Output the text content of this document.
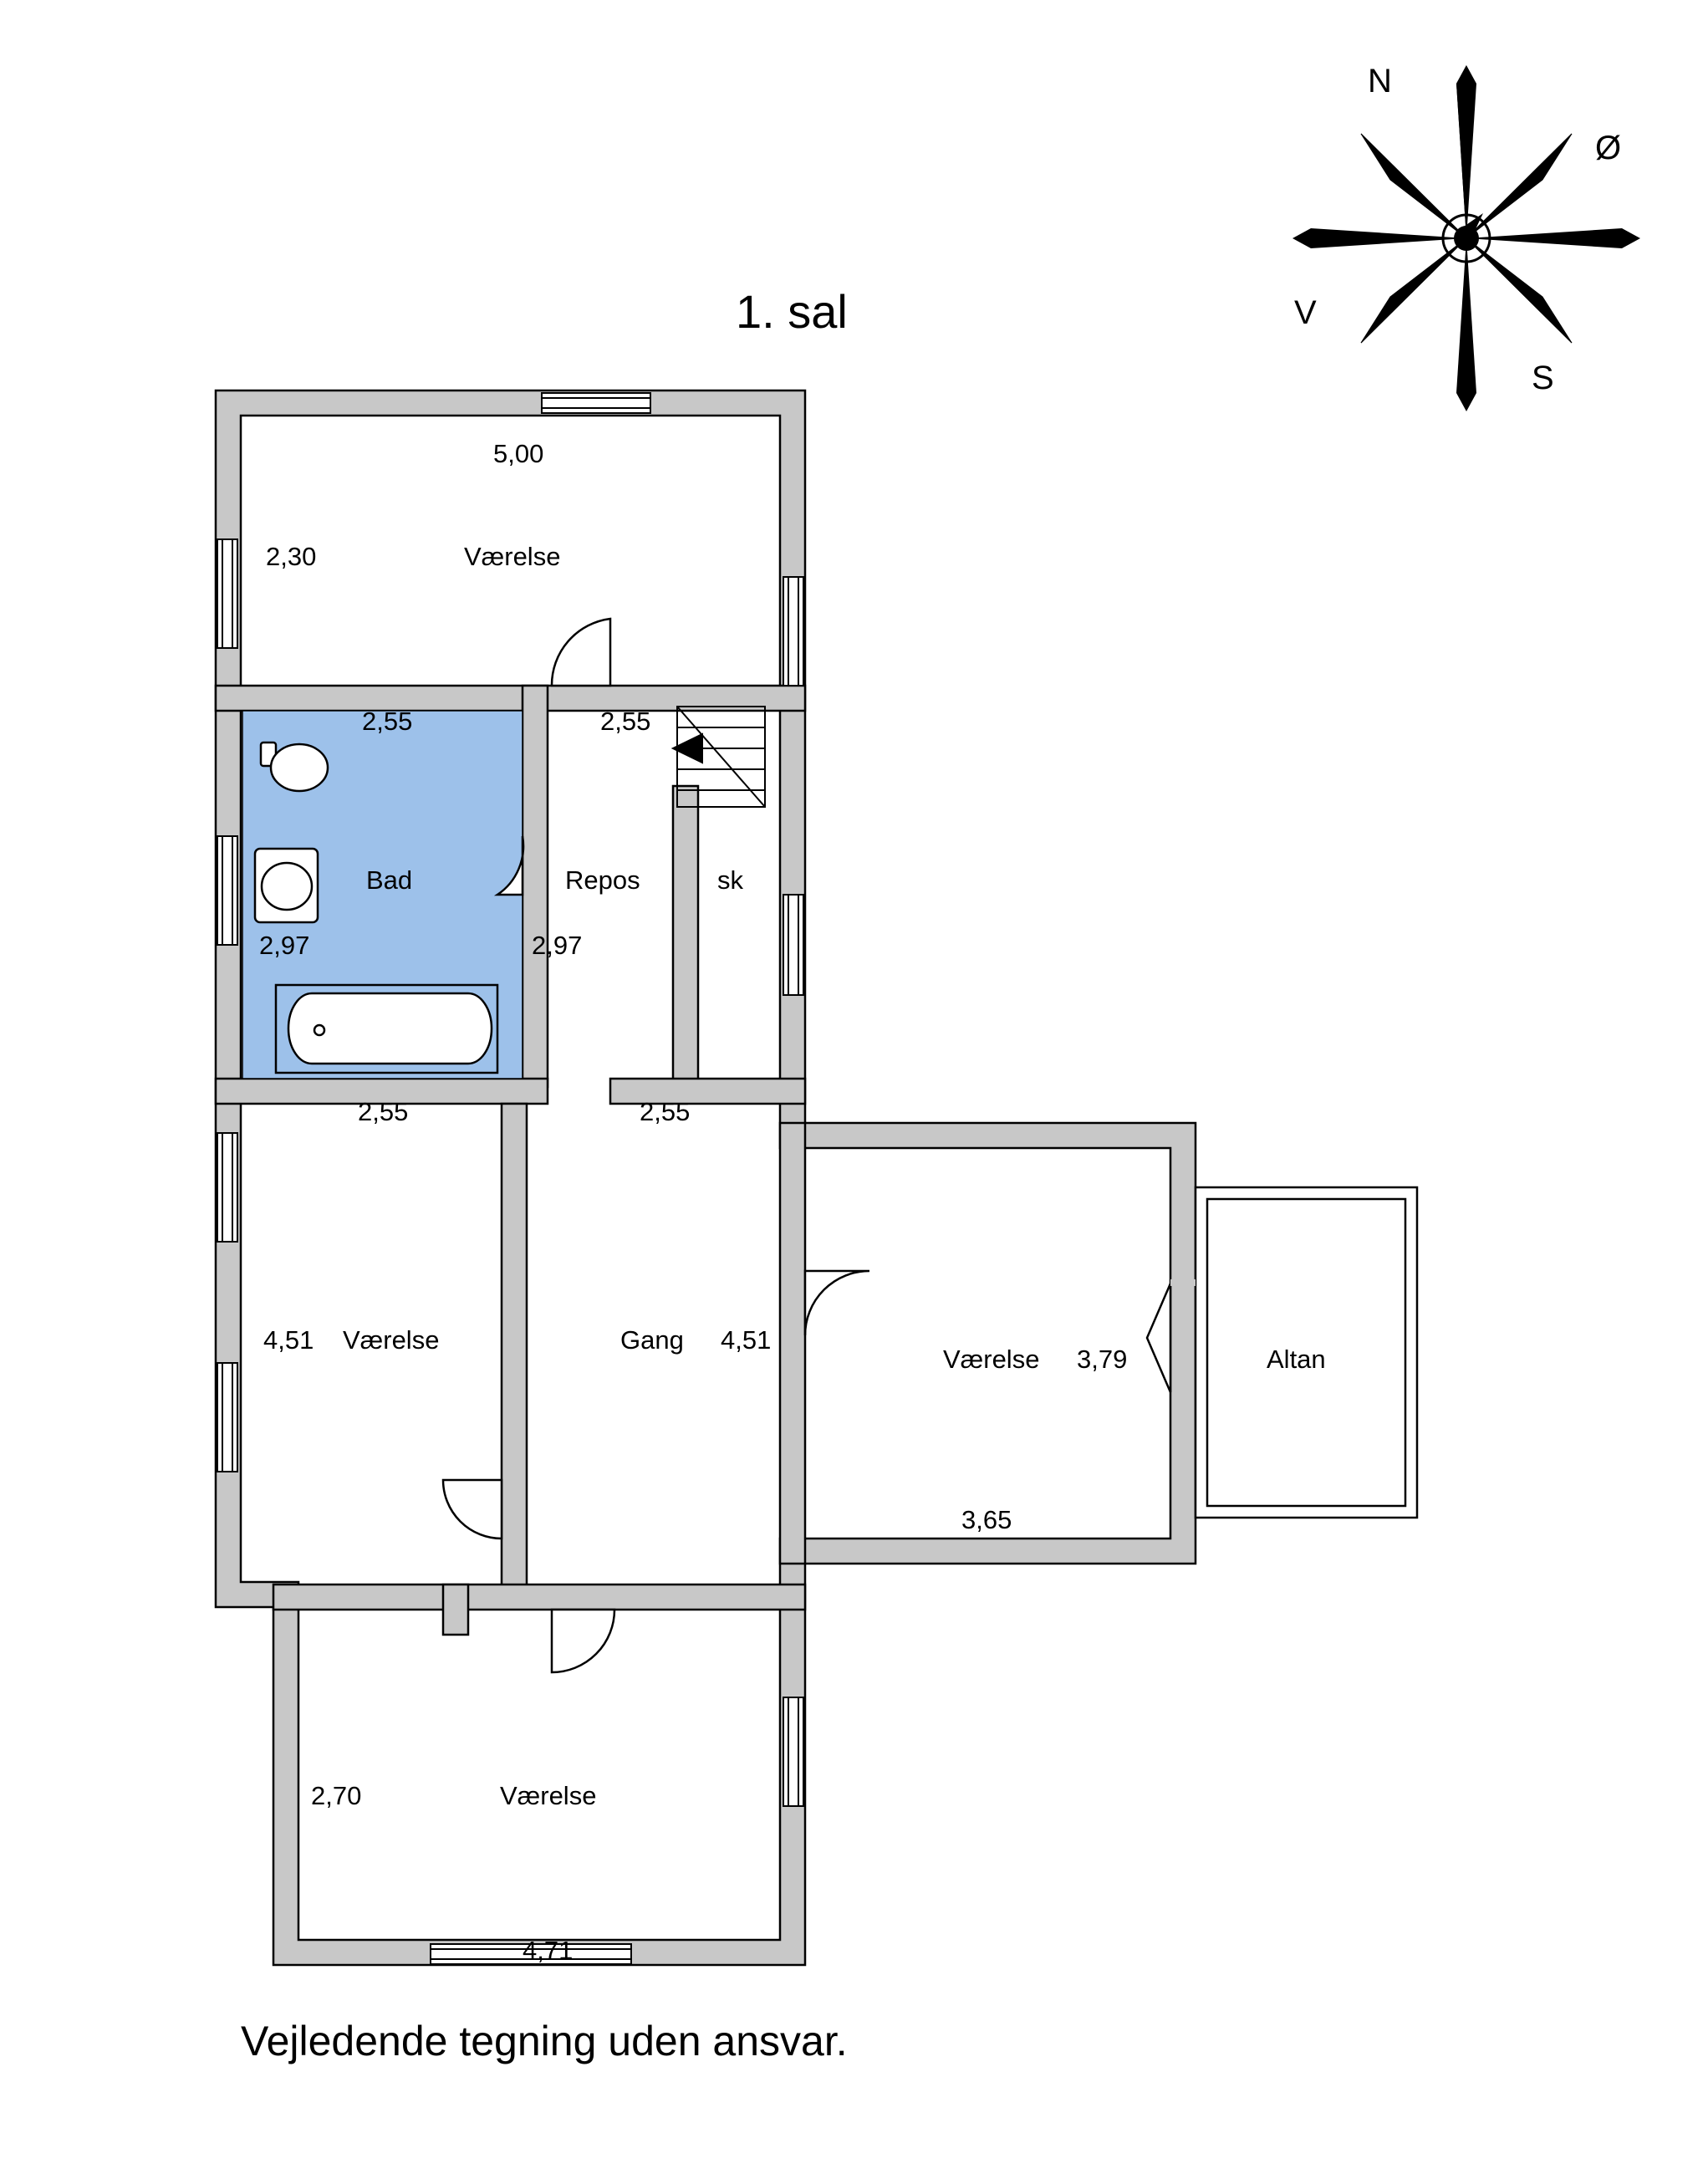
1. sal
Værelse
5,00
2,30
Bad
2,55
2,97
2,55
Repos
2,55
2,97
2,55
sk
Værelse
4,51	Gang 4,51
Værelse 3,79
3,65
Altan
Værelse
2,70
4,71
N
Ø
S
V
Vejledende tegning uden ansvar.
